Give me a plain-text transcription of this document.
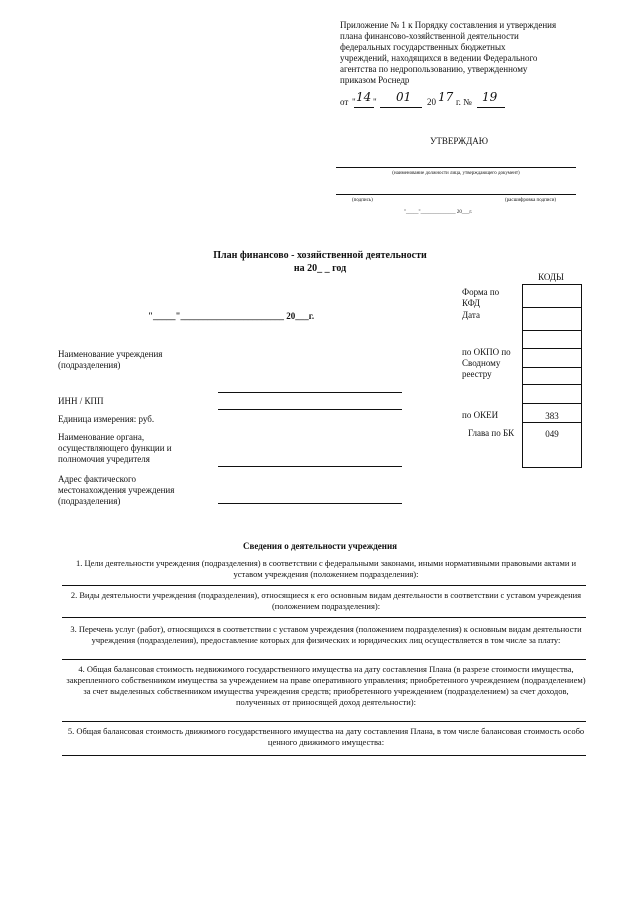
Приложение № 1 к Порядку составления и утверждения
плана финансово-хозяйственной деятельности
федеральных государственных бюджетных
учреждений, находящихся в ведении Федерального
агентства по недропользованию, утвержденному
приказом Роснедр
от " 14 " 01 20 17 г. № 19
УТВЕРЖДАЮ
(наименование должности лица, утверждающего документ)
(подпись)	(расшифровка подписи)
"_____"______________ 20___г.
План финансово - хозяйственной деятельности
на 20_ _ год
"_____"_______________________ 20___г.
КОДЫ
383
049
Форма по КФД
Дата
по ОКПО по Сводному реестру
по ОКЕИ
Глава по БК
Наименование учреждения (подразделения)
ИНН / КПП
Единица измерения: руб.
Наименование органа, осуществляющего функции и полномочия учредителя
Адрес фактического местонахождения учреждения (подразделения)
Сведения о деятельности учреждения
1. Цели деятельности учреждения (подразделения) в соответствии с федеральными законами, иными нормативными правовыми актами и уставом учреждения (положением подразделения):
2. Виды деятельности учреждения (подразделения), относящиеся к его основным видам деятельности в соответствии с уставом учреждения (положением подразделения):
3. Перечень услуг (работ), относящихся в соответствии с уставом учреждения (положением подразделения) к основным видам деятельности учреждения (подразделения), предоставление которых для физических и юридических лиц осуществляется в том числе за плату:
4. Общая балансовая стоимость недвижимого государственного имущества на дату составления Плана (в разрезе стоимости имущества, закрепленного собственником имущества за учреждением на праве оперативного управления; приобретенного учреждением (подразделением) за счет выделенных собственником имущества учреждения средств; приобретенного учреждением (подразделением) за счет доходов, полученных от приносящей доход деятельности):
5. Общая балансовая стоимость движимого государственного имущества на дату составления Плана, в том числе балансовая стоимость особо ценного движимого имущества:
